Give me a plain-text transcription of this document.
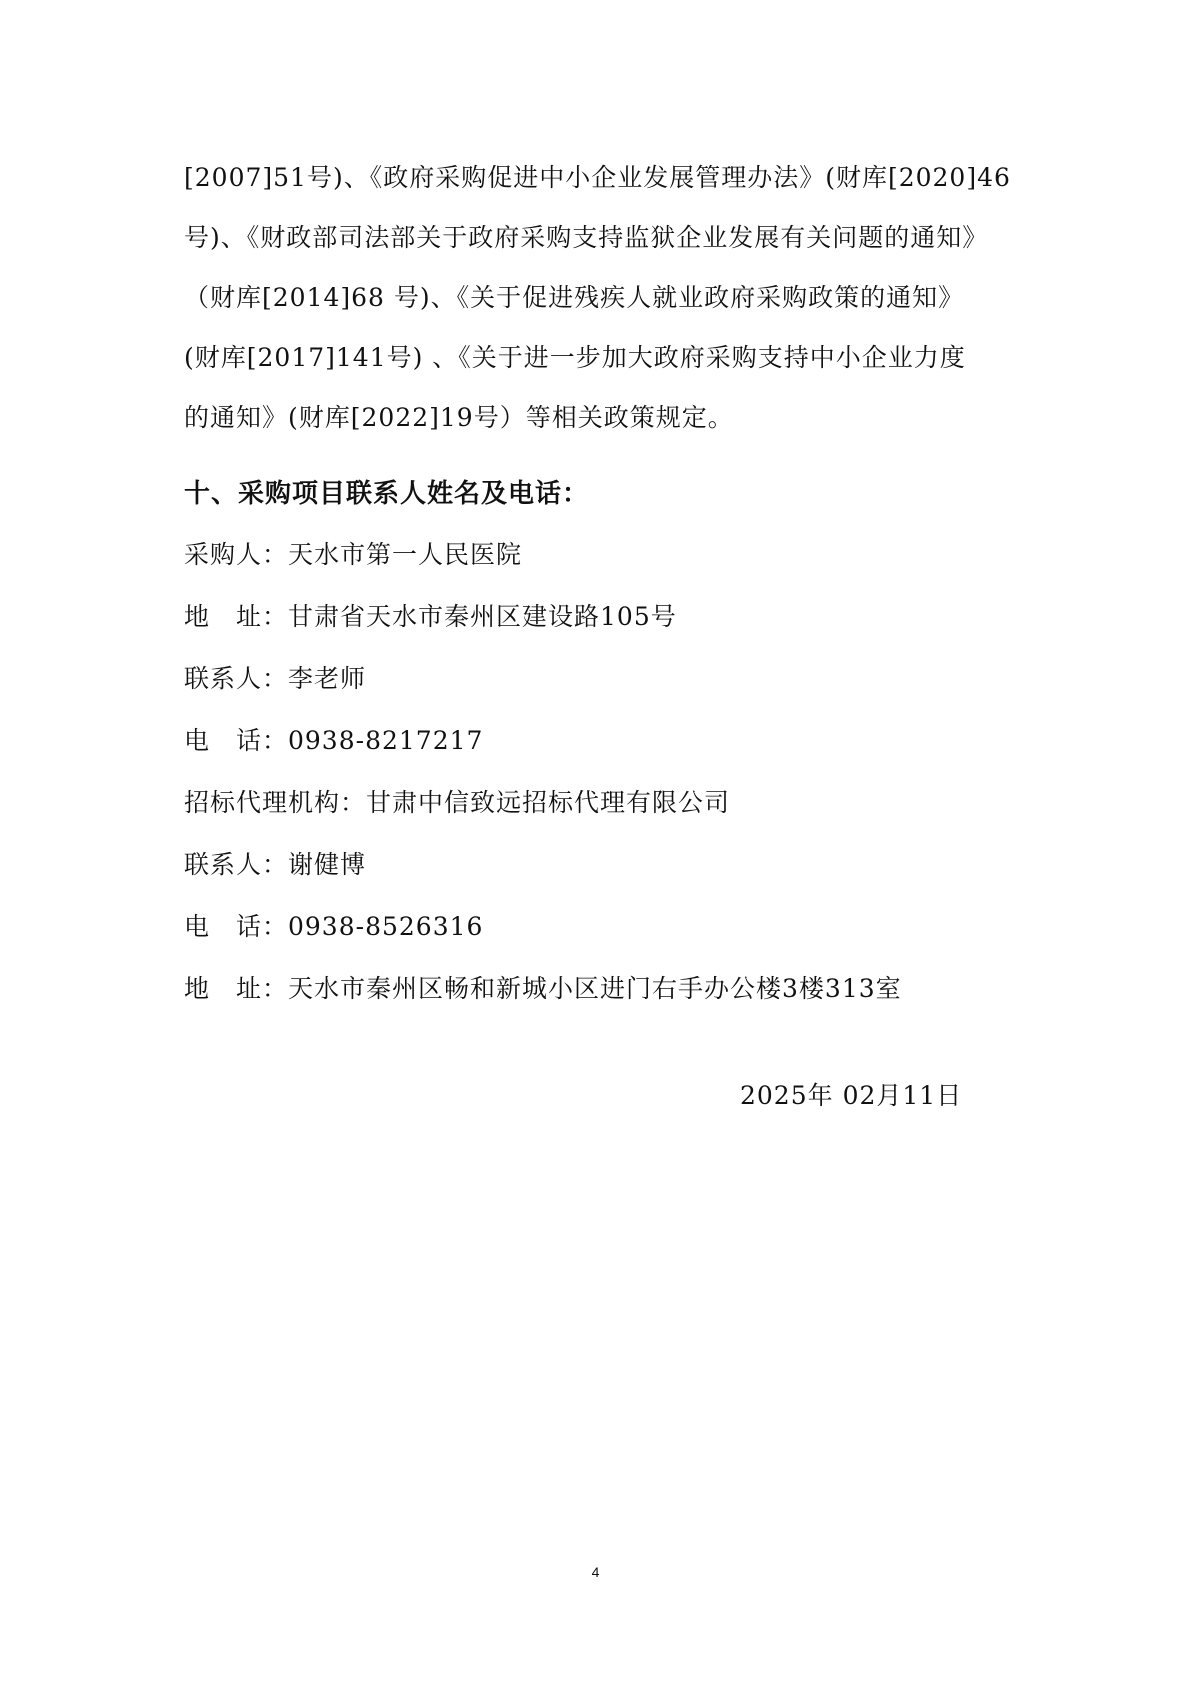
[2007]51号)、《政府采购促进中小企业发展管理办法》(财库[2020]46
号)、《财政部司法部关于政府采购支持监狱企业发展有关问题的通知》
（财库[2014]68 号)、《关于促进残疾人就业政府采购政策的通知》
(财库[2017]141号) 、《关于进一步加大政府采购支持中小企业力度
的通知》(财库[2022]19号）等相关政策规定。
十、采购项目联系人姓名及电话：
采购人：天水市第一人民医院
地　址：甘肃省天水市秦州区建设路105号
联系人：李老师
电　话：0938-8217217
招标代理机构：甘肃中信致远招标代理有限公司
联系人：谢健博
电　话：0938-8526316
地　址：天水市秦州区畅和新城小区进门右手办公楼3楼313室
2025年 02月11日
4
